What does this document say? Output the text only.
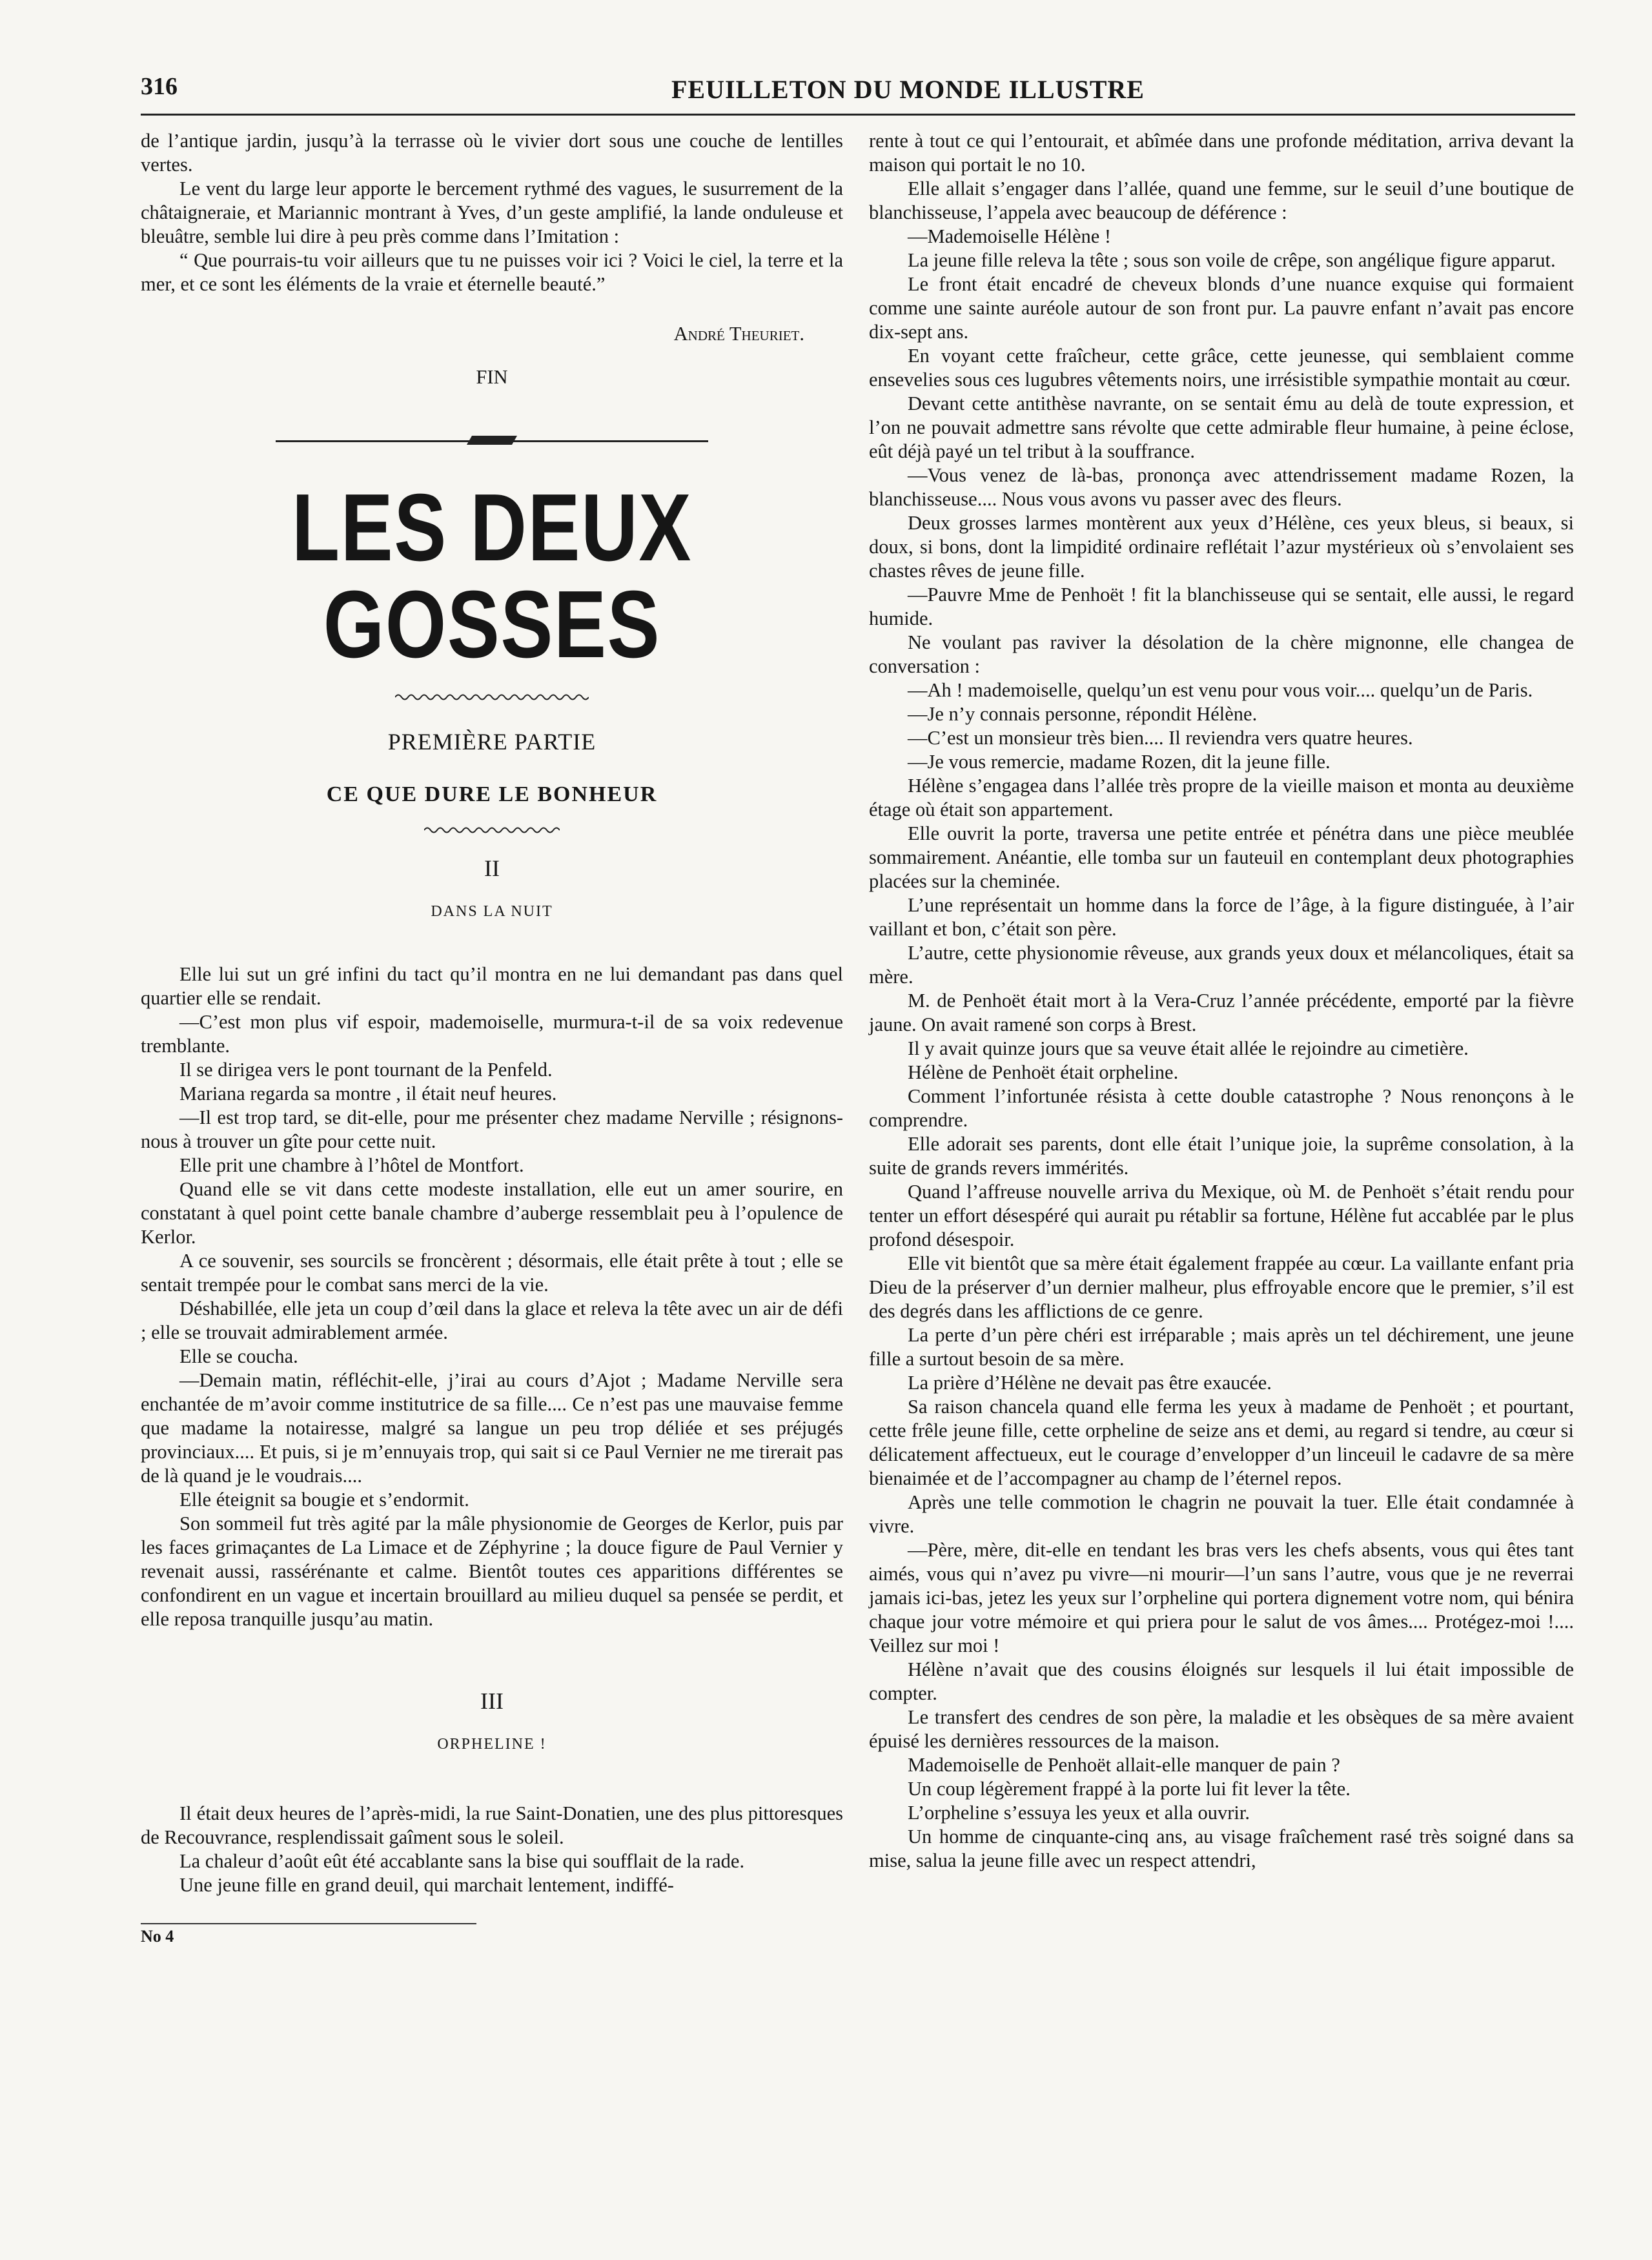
316	FEUILLETON DU MONDE ILLUSTRE

de l’antique jardin, jusqu’à la terrasse où le vivier dort sous une couche de lentilles vertes.

Le vent du large leur apporte le bercement rythmé des vagues, le susurrement de la châtaigneraie, et Mariannic montrant à Yves, d’un geste amplifié, la lande onduleuse et bleuâtre, semble lui dire à peu près comme dans l’Imitation :

“ Que pourrais-tu voir ailleurs que tu ne puisses voir ici ? Voici le ciel, la terre et la mer, et ce sont les éléments de la vraie et éternelle beauté.”

André Theuriet.
FIN
LES DEUX GOSSES
PREMIÈRE PARTIE
CE QUE DURE LE BONHEUR
II
DANS LA NUIT

Elle lui sut un gré infini du tact qu’il montra en ne lui demandant pas dans quel quartier elle se rendait.

—C’est mon plus vif espoir, mademoiselle, murmura-t-il de sa voix redevenue tremblante.

Il se dirigea vers le pont tournant de la Penfeld.

Mariana regarda sa montre , il était neuf heures.

—Il est trop tard, se dit-elle, pour me présenter chez madame Nerville ; résignons-nous à trouver un gîte pour cette nuit.

Elle prit une chambre à l’hôtel de Montfort.

Quand elle se vit dans cette modeste installation, elle eut un amer sourire, en constatant à quel point cette banale chambre d’auberge ressemblait peu à l’opulence de Kerlor.

A ce souvenir, ses sourcils se froncèrent ; désormais, elle était prête à tout ; elle se sentait trempée pour le combat sans merci de la vie.

Déshabillée, elle jeta un coup d’œil dans la glace et releva la tête avec un air de défi ; elle se trouvait admirablement armée.

Elle se coucha.

—Demain matin, réfléchit-elle, j’irai au cours d’Ajot ; Madame Nerville sera enchantée de m’avoir comme institutrice de sa fille.... Ce n’est pas une mauvaise femme que madame la notairesse, malgré sa langue un peu trop déliée et ses préjugés provinciaux.... Et puis, si je m’ennuyais trop, qui sait si ce Paul Vernier ne me tirerait pas de là quand je le voudrais....

Elle éteignit sa bougie et s’endormit.

Son sommeil fut très agité par la mâle physionomie de Georges de Kerlor, puis par les faces grimaçantes de La Limace et de Zéphyrine ; la douce figure de Paul Vernier y revenait aussi, rassérénante et calme. Bientôt toutes ces apparitions différentes se confondirent en un vague et incertain brouillard au milieu duquel sa pensée se perdit, et elle reposa tranquille jusqu’au matin.

III
ORPHELINE !

Il était deux heures de l’après-midi, la rue Saint-Donatien, une des plus pittoresques de Recouvrance, resplendissait gaîment sous le soleil.

La chaleur d’août eût été accablante sans la bise qui soufflait de la rade.

Une jeune fille en grand deuil, qui marchait lentement, indiffé-

No 4

rente à tout ce qui l’entourait, et abîmée dans une profonde méditation, arriva devant la maison qui portait le no 10.

Elle allait s’engager dans l’allée, quand une femme, sur le seuil d’une boutique de blanchisseuse, l’appela avec beaucoup de déférence :

—Mademoiselle Hélène !

La jeune fille releva la tête ; sous son voile de crêpe, son angélique figure apparut.

Le front était encadré de cheveux blonds d’une nuance exquise qui formaient comme une sainte auréole autour de son front pur. La pauvre enfant n’avait pas encore dix-sept ans.

En voyant cette fraîcheur, cette grâce, cette jeunesse, qui semblaient comme ensevelies sous ces lugubres vêtements noirs, une irrésistible sympathie montait au cœur.

Devant cette antithèse navrante, on se sentait ému au delà de toute expression, et l’on ne pouvait admettre sans révolte que cette admirable fleur humaine, à peine éclose, eût déjà payé un tel tribut à la souffrance.

—Vous venez de là-bas, prononça avec attendrissement madame Rozen, la blanchisseuse.... Nous vous avons vu passer avec des fleurs.

Deux grosses larmes montèrent aux yeux d’Hélène, ces yeux bleus, si beaux, si doux, si bons, dont la limpidité ordinaire reflétait l’azur mystérieux où s’envolaient ses chastes rêves de jeune fille.

—Pauvre Mme de Penhoët ! fit la blanchisseuse qui se sentait, elle aussi, le regard humide.

Ne voulant pas raviver la désolation de la chère mignonne, elle changea de conversation :

—Ah ! mademoiselle, quelqu’un est venu pour vous voir.... quelqu’un de Paris.

—Je n’y connais personne, répondit Hélène.

—C’est un monsieur très bien.... Il reviendra vers quatre heures.

—Je vous remercie, madame Rozen, dit la jeune fille.

Hélène s’engagea dans l’allée très propre de la vieille maison et monta au deuxième étage où était son appartement.

Elle ouvrit la porte, traversa une petite entrée et pénétra dans une pièce meublée sommairement. Anéantie, elle tomba sur un fauteuil en contemplant deux photographies placées sur la cheminée.

L’une représentait un homme dans la force de l’âge, à la figure distinguée, à l’air vaillant et bon, c’était son père.

L’autre, cette physionomie rêveuse, aux grands yeux doux et mélancoliques, était sa mère.

M. de Penhoët était mort à la Vera-Cruz l’année précédente, emporté par la fièvre jaune. On avait ramené son corps à Brest.

Il y avait quinze jours que sa veuve était allée le rejoindre au cimetière.

Hélène de Penhoët était orpheline.

Comment l’infortunée résista à cette double catastrophe ? Nous renonçons à le comprendre.

Elle adorait ses parents, dont elle était l’unique joie, la suprême consolation, à la suite de grands revers immérités.

Quand l’affreuse nouvelle arriva du Mexique, où M. de Penhoët s’était rendu pour tenter un effort désespéré qui aurait pu rétablir sa fortune, Hélène fut accablée par le plus profond désespoir.

Elle vit bientôt que sa mère était également frappée au cœur. La vaillante enfant pria Dieu de la préserver d’un dernier malheur, plus effroyable encore que le premier, s’il est des degrés dans les afflictions de ce genre.

La perte d’un père chéri est irréparable ; mais après un tel déchirement, une jeune fille a surtout besoin de sa mère.

La prière d’Hélène ne devait pas être exaucée.

Sa raison chancela quand elle ferma les yeux à madame de Penhoët ; et pourtant, cette frêle jeune fille, cette orpheline de seize ans et demi, au regard si tendre, au cœur si délicatement affectueux, eut le courage d’envelopper d’un linceuil le cadavre de sa mère bienaimée et de l’accompagner au champ de l’éternel repos.

Après une telle commotion le chagrin ne pouvait la tuer. Elle était condamnée à vivre.

—Père, mère, dit-elle en tendant les bras vers les chefs absents, vous qui êtes tant aimés, vous qui n’avez pu vivre—ni mourir—l’un sans l’autre, vous que je ne reverrai jamais ici-bas, jetez les yeux sur l’orpheline qui portera dignement votre nom, qui bénira chaque jour votre mémoire et qui priera pour le salut de vos âmes.... Protégez-moi !.... Veillez sur moi !

Hélène n’avait que des cousins éloignés sur lesquels il lui était impossible de compter.

Le transfert des cendres de son père, la maladie et les obsèques de sa mère avaient épuisé les dernières ressources de la maison.

Mademoiselle de Penhoët allait-elle manquer de pain ?

Un coup légèrement frappé à la porte lui fit lever la tête.

L’orpheline s’essuya les yeux et alla ouvrir.

Un homme de cinquante-cinq ans, au visage fraîchement rasé très soigné dans sa mise, salua la jeune fille avec un respect attendri,
